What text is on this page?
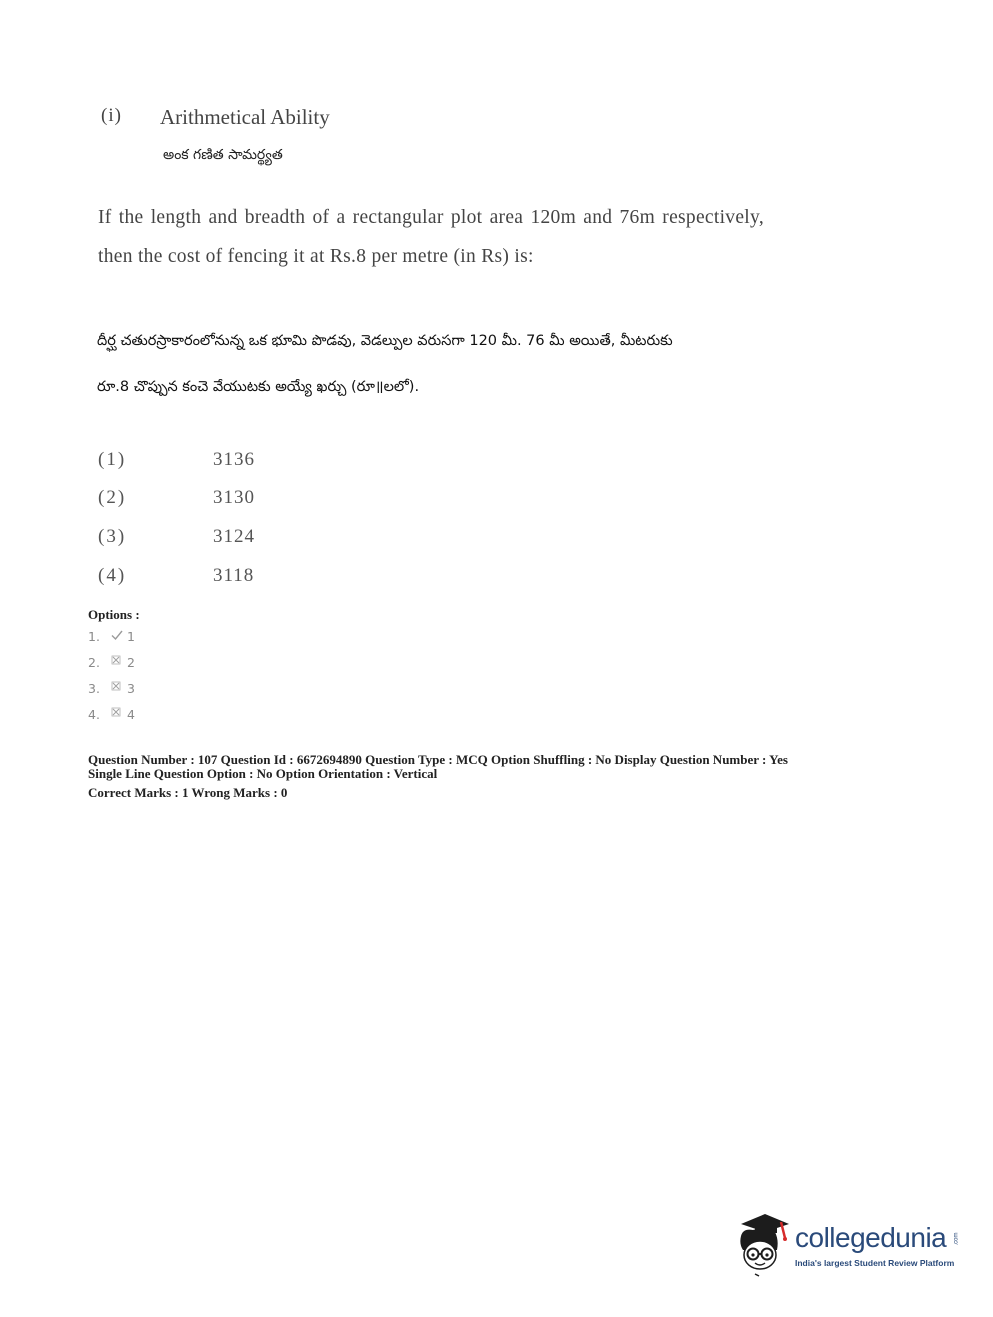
(i) Arithmetical Ability
అంక గణిత సామర్థ్యత
If the length and breadth of a rectangular plot area 120m and 76m respectively, then the cost of fencing it at Rs.8 per metre (in Rs) is:
దీర్ఘ చతురస్రాకారంలోనున్న ఒక భూమి పొడవు, వెడల్పుల వరుసగా 120 మీ. 76 మీ అయితే, మీటరుకు
రూ.8 చొప్పున కంచె వేయుటకు అయ్యే ఖర్చు (రూ॥లలో).
(1)	3136
(2)	3130
(3)	3124
(4)	3118
Options :
1. 1
2. 2
3. 3
4. 4
Question Number : 107 Question Id : 6672694890 Question Type : MCQ Option Shuffling : No Display Question Number : Yes
Single Line Question Option : No Option Orientation : Vertical
Correct Marks : 1 Wrong Marks : 0
collegedunia .com
India's largest Student Review Platform
